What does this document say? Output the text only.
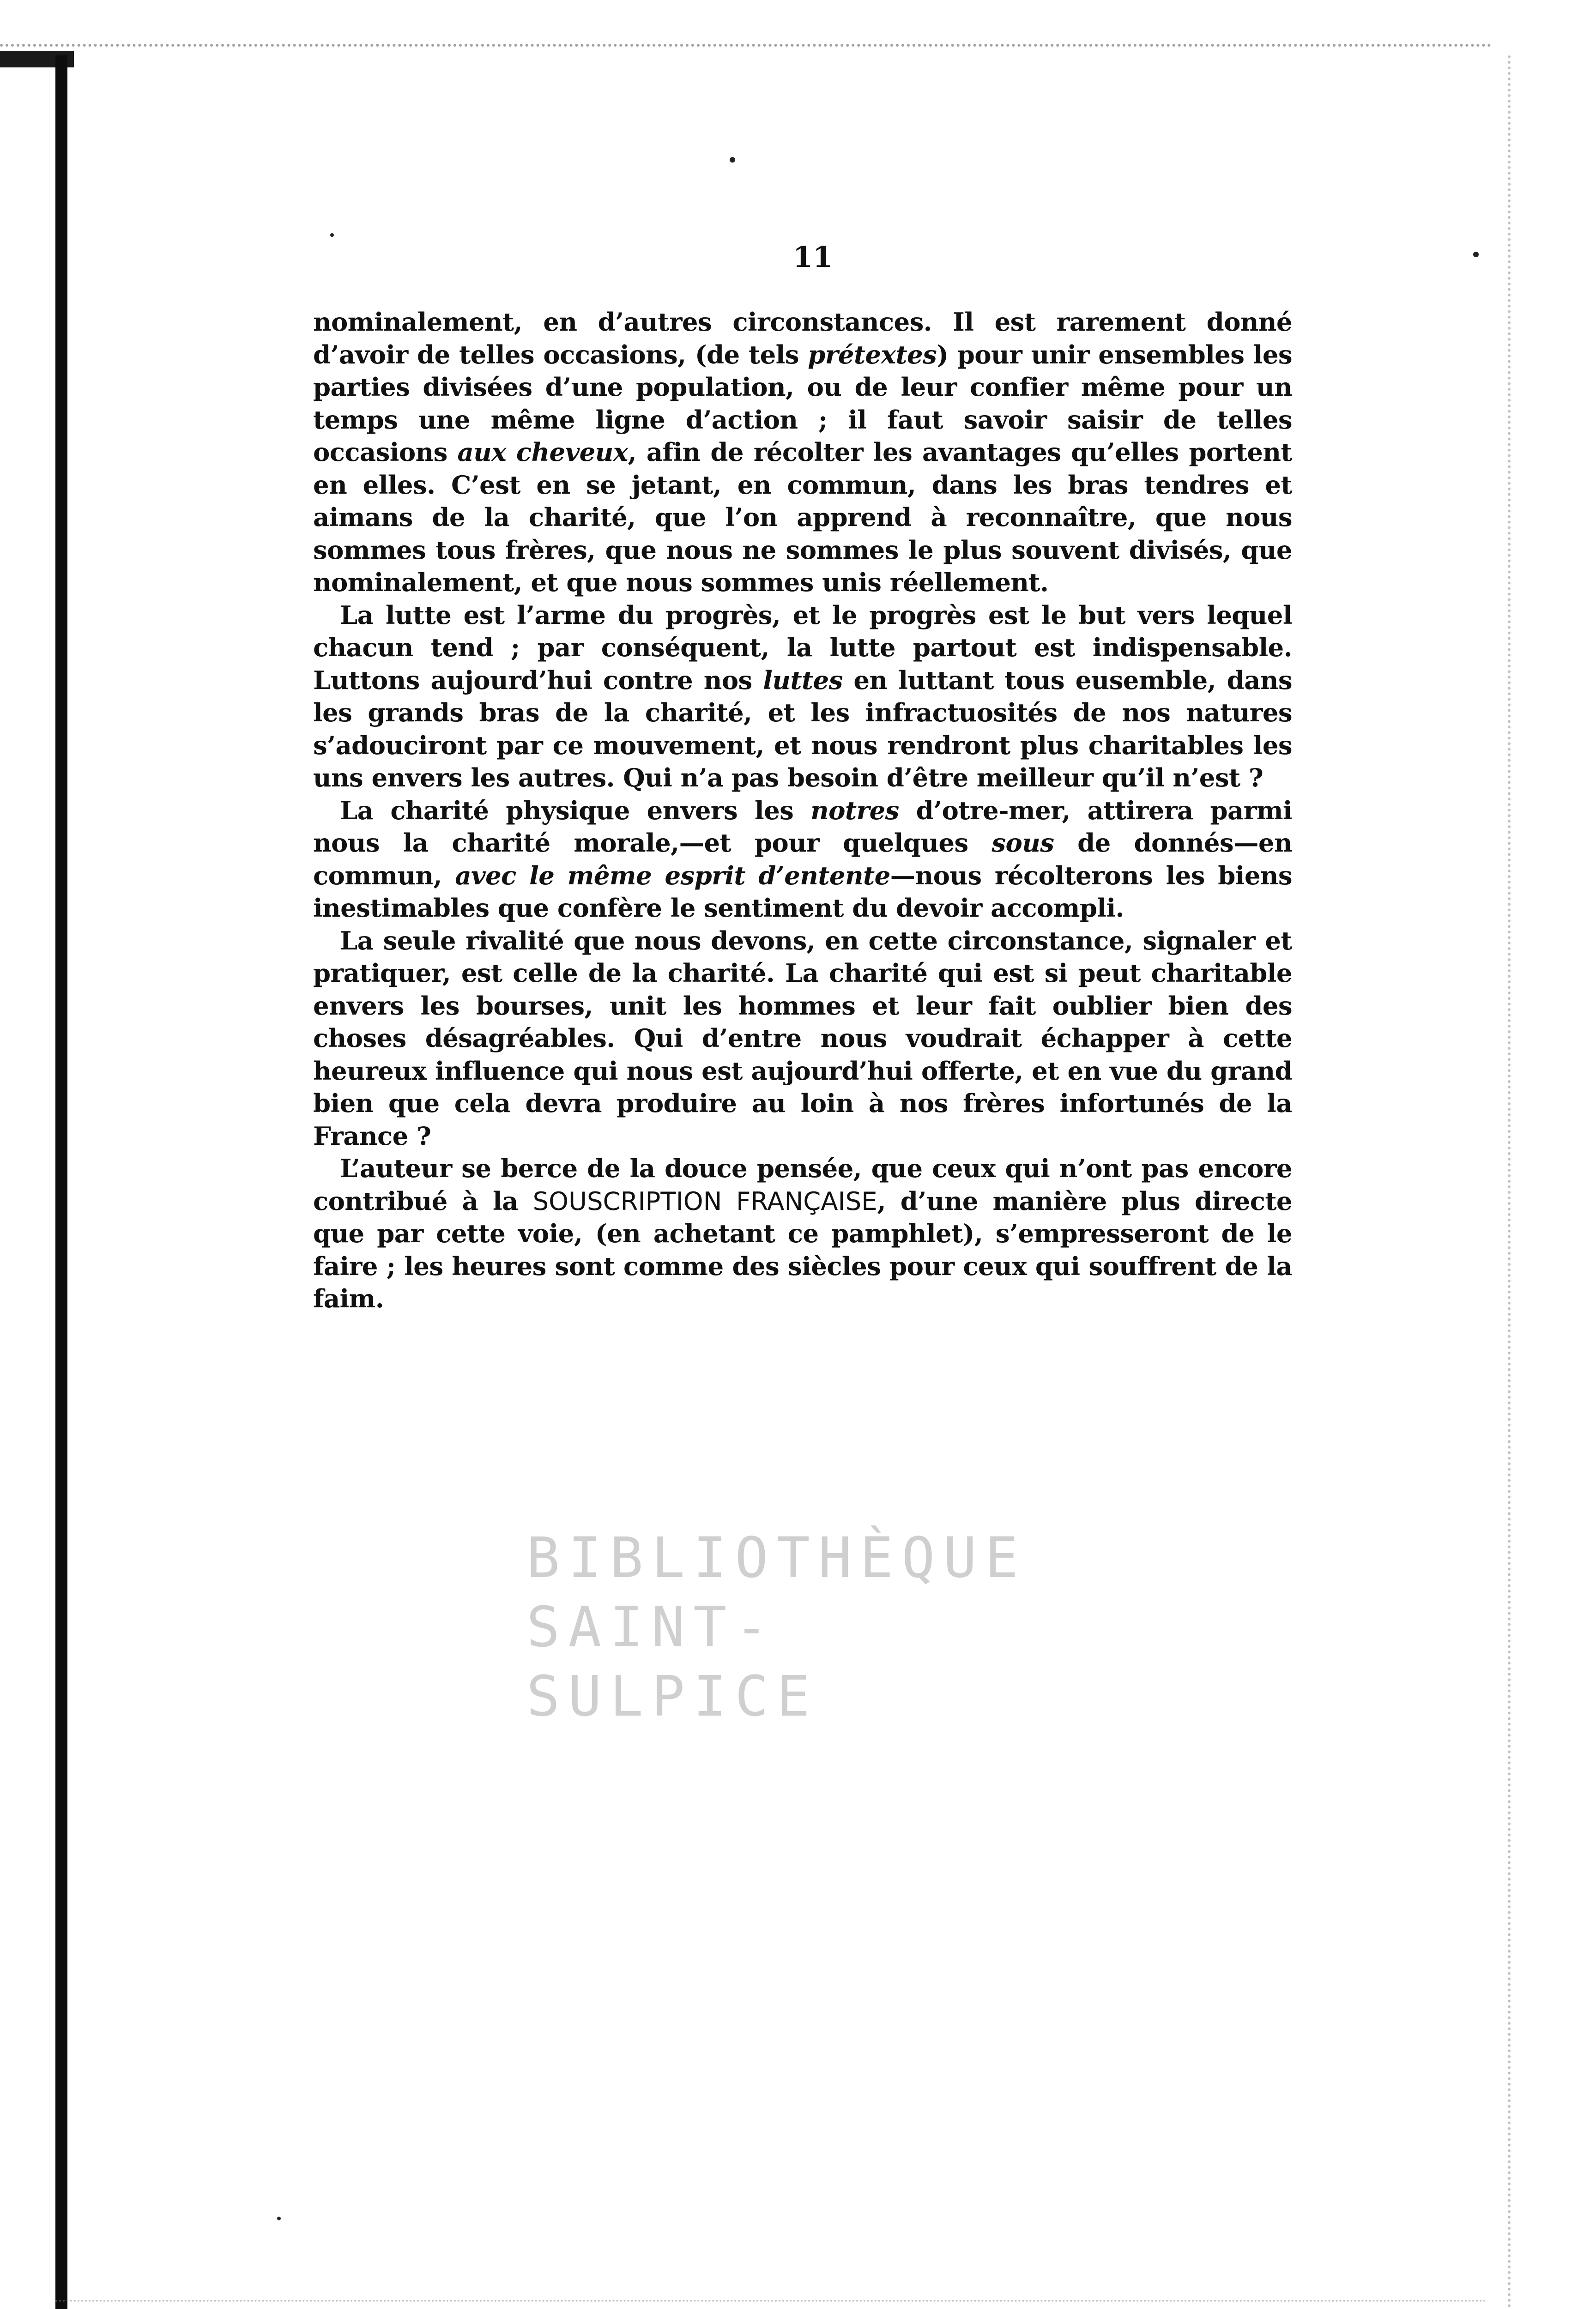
11

nominalement, en d’autres circonstances. Il est rarement donné d’avoir de telles occasions, (de tels prétextes) pour unir ensembles les parties divisées d’une population, ou de leur confier même pour un temps une même ligne d’action ; il faut savoir saisir de telles occasions aux cheveux, afin de récolter les avantages qu’elles portent en elles. C’est en se jetant, en commun, dans les bras tendres et aimans de la charité, que l’on apprend à reconnaître, que nous sommes tous frères, que nous ne sommes le plus souvent divisés, que nominalement, et que nous sommes unis réellement.

La lutte est l’arme du progrès, et le progrès est le but vers lequel chacun tend ; par conséquent, la lutte partout est indispensable. Luttons aujourd’hui contre nos luttes en luttant tous eusemble, dans les grands bras de la charité, et les infractuosités de nos natures s’adouciront par ce mouvement, et nous rendront plus charitables les uns envers les autres. Qui n’a pas besoin d’être meilleur qu’il n’est ?

La charité physique envers les notres d’otre-mer, attirera parmi nous la charité morale,—et pour quelques sous de donnés—en commun, avec le même esprit d’entente—nous récolterons les biens inestimables que confère le sentiment du devoir accompli.

La seule rivalité que nous devons, en cette circonstance, signaler et pratiquer, est celle de la charité. La charité qui est si peut charitable envers les bourses, unit les hommes et leur fait oublier bien des choses désagréables. Qui d’entre nous voudrait échapper à cette heureux influence qui nous est aujourd’hui offerte, et en vue du grand bien que cela devra produire au loin à nos frères infortunés de la France ?

L’auteur se berce de la douce pensée, que ceux qui n’ont pas encore contribué à la SOUSCRIPTION FRANÇAISE, d’une manière plus directe que par cette voie, (en achetant ce pamphlet), s’empresseront de le faire ; les heures sont comme des siècles pour ceux qui souffrent de la faim.

BIBLIOTHÈQUE
SAINT-SULPICE
